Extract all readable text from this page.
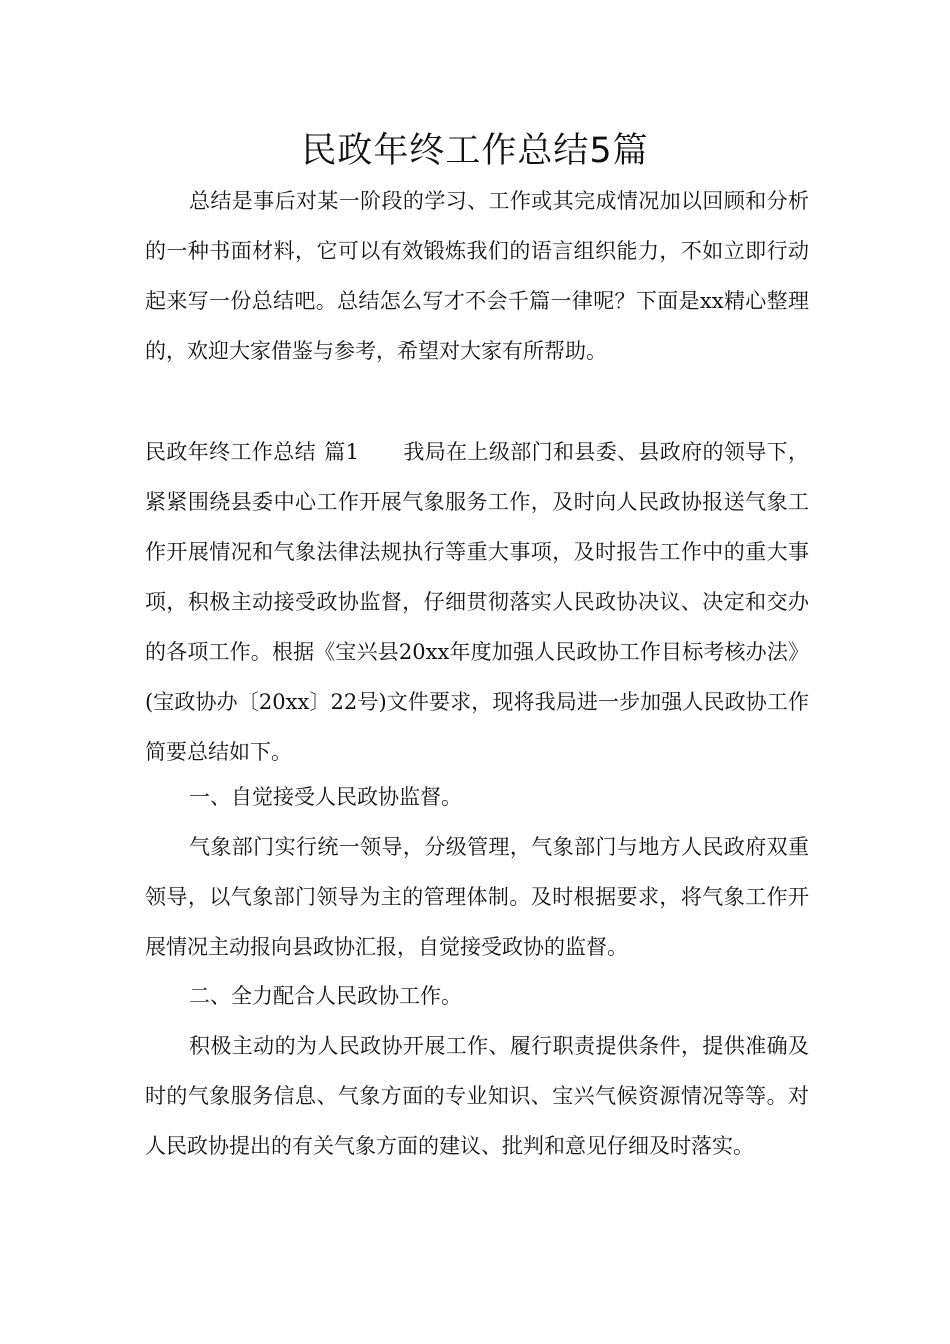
民政年终工作总结5篇

总结是事后对某一阶段的学习、工作或其完成情况加以回顾和分析的一种书面材料，它可以有效锻炼我们的语言组织能力，不如立即行动起来写一份总结吧。总结怎么写才不会千篇一律呢？下面是xx精心整理的，欢迎大家借鉴与参考，希望对大家有所帮助。

民政年终工作总结 篇1 我局在上级部门和县委、县政府的领导下，紧紧围绕县委中心工作开展气象服务工作，及时向人民政协报送气象工作开展情况和气象法律法规执行等重大事项，及时报告工作中的重大事项，积极主动接受政协监督，仔细贯彻落实人民政协决议、决定和交办的各项工作。根据《宝兴县20xx年度加强人民政协工作目标考核办法》(宝政协办〔20xx〕22号)文件要求，现将我局进一步加强人民政协工作简要总结如下。

一、自觉接受人民政协监督。

气象部门实行统一领导，分级管理，气象部门与地方人民政府双重领导，以气象部门领导为主的管理体制。及时根据要求，将气象工作开展情况主动报向县政协汇报，自觉接受政协的监督。

二、全力配合人民政协工作。

积极主动的为人民政协开展工作、履行职责提供条件，提供准确及时的气象服务信息、气象方面的专业知识、宝兴气候资源情况等等。对人民政协提出的有关气象方面的建议、批判和意见仔细及时落实。
